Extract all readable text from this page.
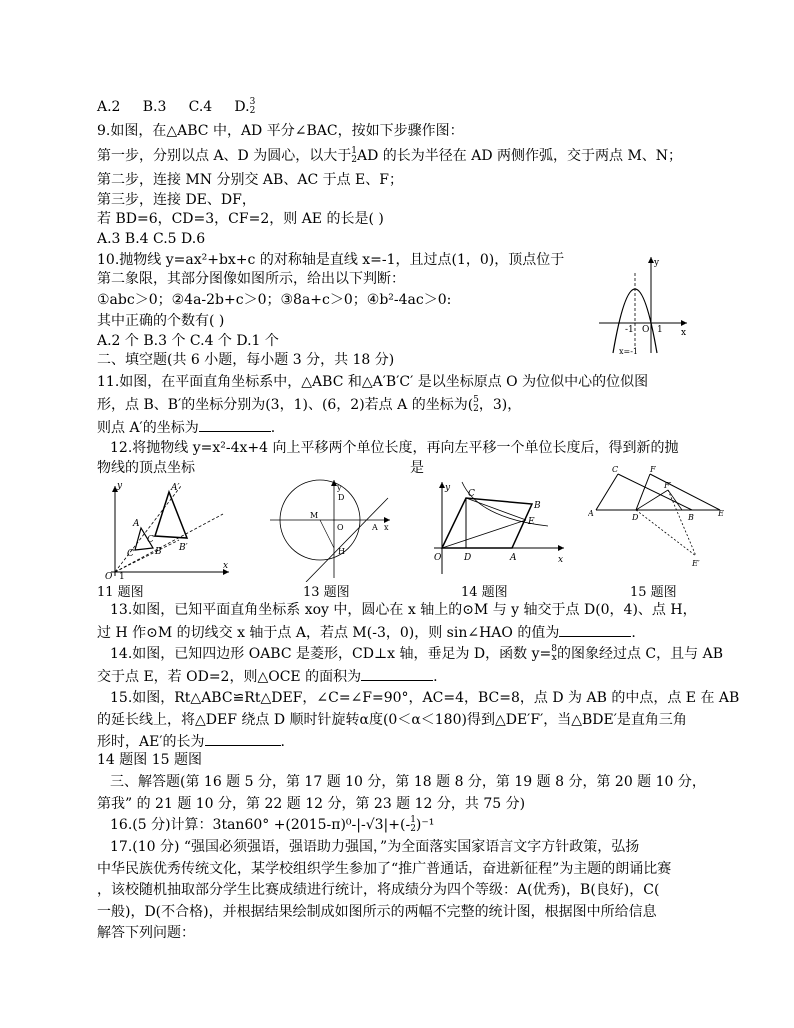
A.2     B.3     C.4     D.3
2
9.如图，在△ABC 中，AD 平分∠BAC，按如下步骤作图：
第一步，分别以点 A、D 为圆心，以大于1
2AD 的长为半径在 AD 两侧作弧，交于两点 M、N；
第二步，连接 MN 分别交 AB、AC 于点 E、F；
第三步，连接 DE、DF，
若 BD=6，CD=3，CF=2，则 AE 的长是( )
A.3 B.4 C.5 D.6
10.抛物线 y=ax²+bx+c 的对称轴是直线 x=-1，且过点(1，0)，顶点位于
第二象限，其部分图像如图所示，给出以下判断：
①abc＞0；②4a-2b+c＞0；③8a+c＞0；④b²-4ac＞0:
其中正确的个数有( )
A.2 个 B.3 个 C.4 个 D.1 个
二、填空题(共 6 小题，每小题 3 分，共 18 分)
11.如图，在平面直角坐标系中，△ABC 和△A′B′C′ 是以坐标原点 O 为位似中心的位似图
形，点 B、B′的坐标分别为(3，1)、(6，2)若点 A 的坐标为(5
2，3)，
则点 A′的坐标为	.
12.将抛物线 y=x²-4x+4 向上平移两个单位长度，再向左平移一个单位长度后，得到新的抛
物线的顶点坐标	是
y
x
O 1
-1
x=-1
y
x
O 1
A′
A
C
C′
B B′
y
x
O
D
M
A
H
y
x
O
C
B
E
D	A
C	F
A	D	B	E
F′
E′
11 题图	13 题图	14 题图	15 题图
13.如图，已知平面直角坐标系 xoy 中，圆心在 x 轴上的⊙M 与 y 轴交于点 D(0，4)、点 H，
过 H 作⊙M 的切线交 x 轴于点 A，若点 M(-3，0)，则 sin∠HAO 的值为	.
14.如图，已知四边形 OABC 是菱形，CD⊥x 轴，垂足为 D，函数 y=8
x的图象经过点 C，且与 AB
交于点 E，若 OD=2，则△OCE 的面积为	.
15.如图，Rt△ABC≌Rt△DEF，∠C=∠F=90°，AC=4，BC=8，点 D 为 AB 的中点，点 E 在 AB
的延长线上，将△DEF 绕点 D 顺时针旋转α度(0＜α＜180)得到△DE′F′，当△BDE′是直角三角
形时，AE′的长为	.
14 题图 15 题图
三、解答题(第 16 题 5 分，第 17 题 10 分，第 18 题 8 分，第 19 题 8 分，第 20 题 10 分，
第我” 的 21 题 10 分，第 22 题 12 分，第 23 题 12 分，共 75 分)
16.(5 分)计算：3tan60° +(2015-π)⁰-|-√3|+(-1
2)⁻¹
17.(10 分) “强国必须强语，强语助力强国，”为全面落实国家语言文字方针政策，弘扬
中华民族优秀传统文化，某学校组织学生参加了“推广普通话，奋进新征程”为主题的朗诵比赛
，该校随机抽取部分学生比赛成绩进行统计，将成绩分为四个等级：A(优秀)，B(良好)，C(
一般)，D(不合格)，并根据结果绘制成如图所示的两幅不完整的统计图，根据图中所给信息
解答下列问题：
